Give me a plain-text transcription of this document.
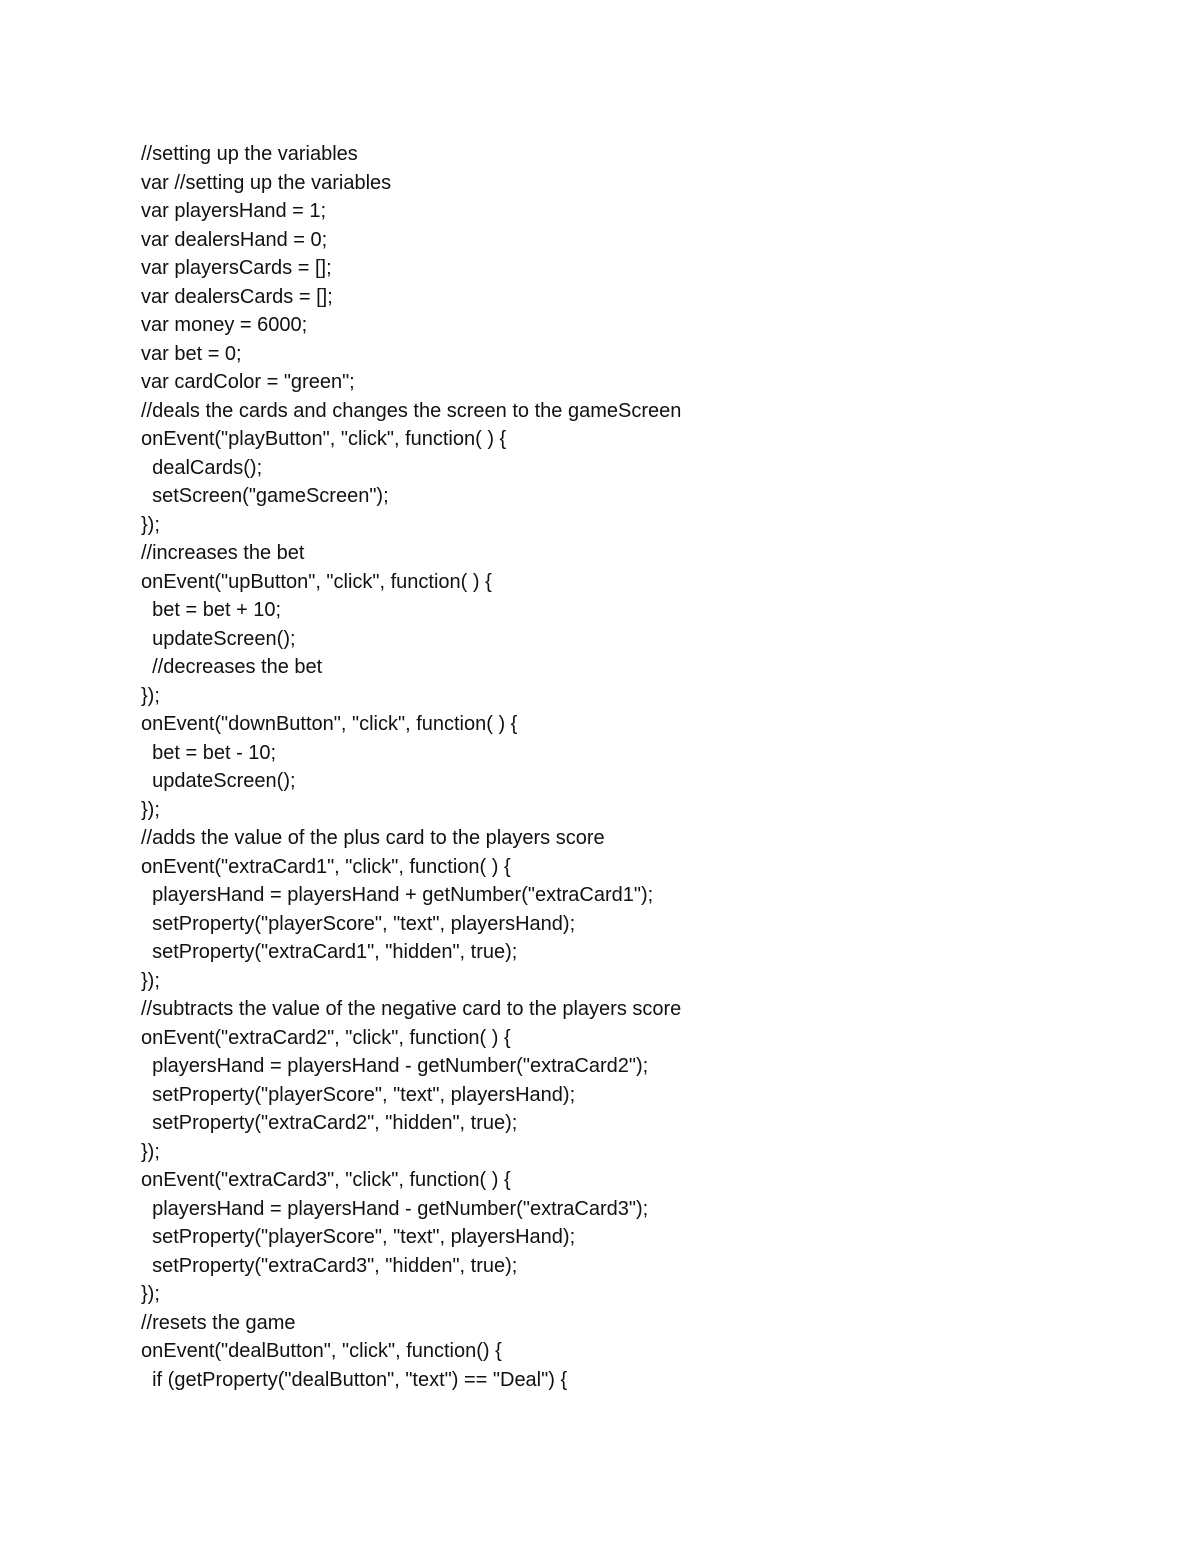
//setting up the variables
var //setting up the variables
var playersHand = 1;
var dealersHand = 0;
var playersCards = [];
var dealersCards = [];
var money = 6000;
var bet = 0;
var cardColor = "green";
//deals the cards and changes the screen to the gameScreen
onEvent("playButton", "click", function( ) {
dealCards();
setScreen("gameScreen");
});
//increases the bet
onEvent("upButton", "click", function( ) {
bet = bet + 10;
updateScreen();
//decreases the bet
});
onEvent("downButton", "click", function( ) {
bet = bet - 10;
updateScreen();
});
//adds the value of the plus card to the players score
onEvent("extraCard1", "click", function( ) {
playersHand = playersHand + getNumber("extraCard1");
setProperty("playerScore", "text", playersHand);
setProperty("extraCard1", "hidden", true);
});
//subtracts the value of the negative card to the players score
onEvent("extraCard2", "click", function( ) {
playersHand = playersHand - getNumber("extraCard2");
setProperty("playerScore", "text", playersHand);
setProperty("extraCard2", "hidden", true);
});
onEvent("extraCard3", "click", function( ) {
playersHand = playersHand - getNumber("extraCard3");
setProperty("playerScore", "text", playersHand);
setProperty("extraCard3", "hidden", true);
});
//resets the game
onEvent("dealButton", "click", function() {
if (getProperty("dealButton", "text") == "Deal") {
